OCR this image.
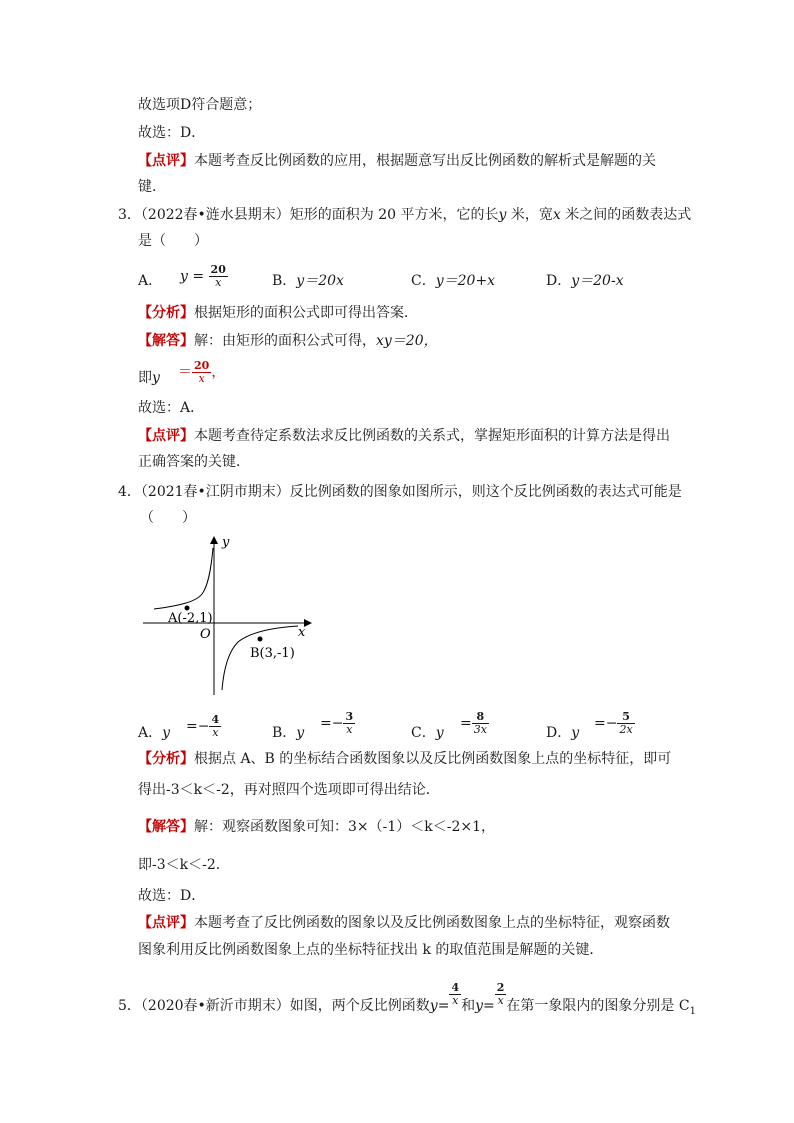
故选项D符合题意；
故选：D．
【点评】本题考查反比例函数的应用，根据题意写出反比例函数的解析式是解题的关
键．
3．（2022春•涟水县期末）矩形的面积为 20 平方米，它的长y 米，宽x 米之间的函数表达式
是（　　）
A． $y = \frac{20}{x}$	B．y＝20x	C．y＝20+x	D．y＝20-x
【分析】根据矩形的面积公式即可得出答案．
【解答】解：由矩形的面积公式可得，xy＝20，
即$y = \frac{20}{x}$ ，
故选：A．
【点评】本题考查待定系数法求反比例函数的关系式，掌握矩形面积的计算方法是得出
正确答案的关键．
4．（2021春•江阴市期末）反比例函数的图象如图所示，则这个反比例函数的表达式可能是
（　　）
y
x
O
A(-2,1)
B(3,-1)
A．$y =- \frac{4}{x}$	B．y
=− $\frac{3}{x}$	C．y
= $\frac{8}{3x}$	D．y
=− $\frac{5}{2x}$
【分析】根据点 A、B 的坐标结合函数图象以及反比例函数图象上点的坐标特征，即可
得出-3＜k＜-2，再对照四个选项即可得出结论．
【解答】解：观察函数图象可知：3×（-1）＜k＜-2×1，
即-3＜k＜-2．
故选：D．
【点评】本题考查了反比例函数的图象以及反比例函数图象上点的坐标特征，观察函数
图象利用反比例函数图象上点的坐标特征找出 k 的取值范围是解题的关键．
5．（2020春•新沂市期末）如图，两个反比例函数$y= \frac{4}{x}$ 和$y= \frac{2}{x}$ 在第一象限内的图象分别是 $C_1$
